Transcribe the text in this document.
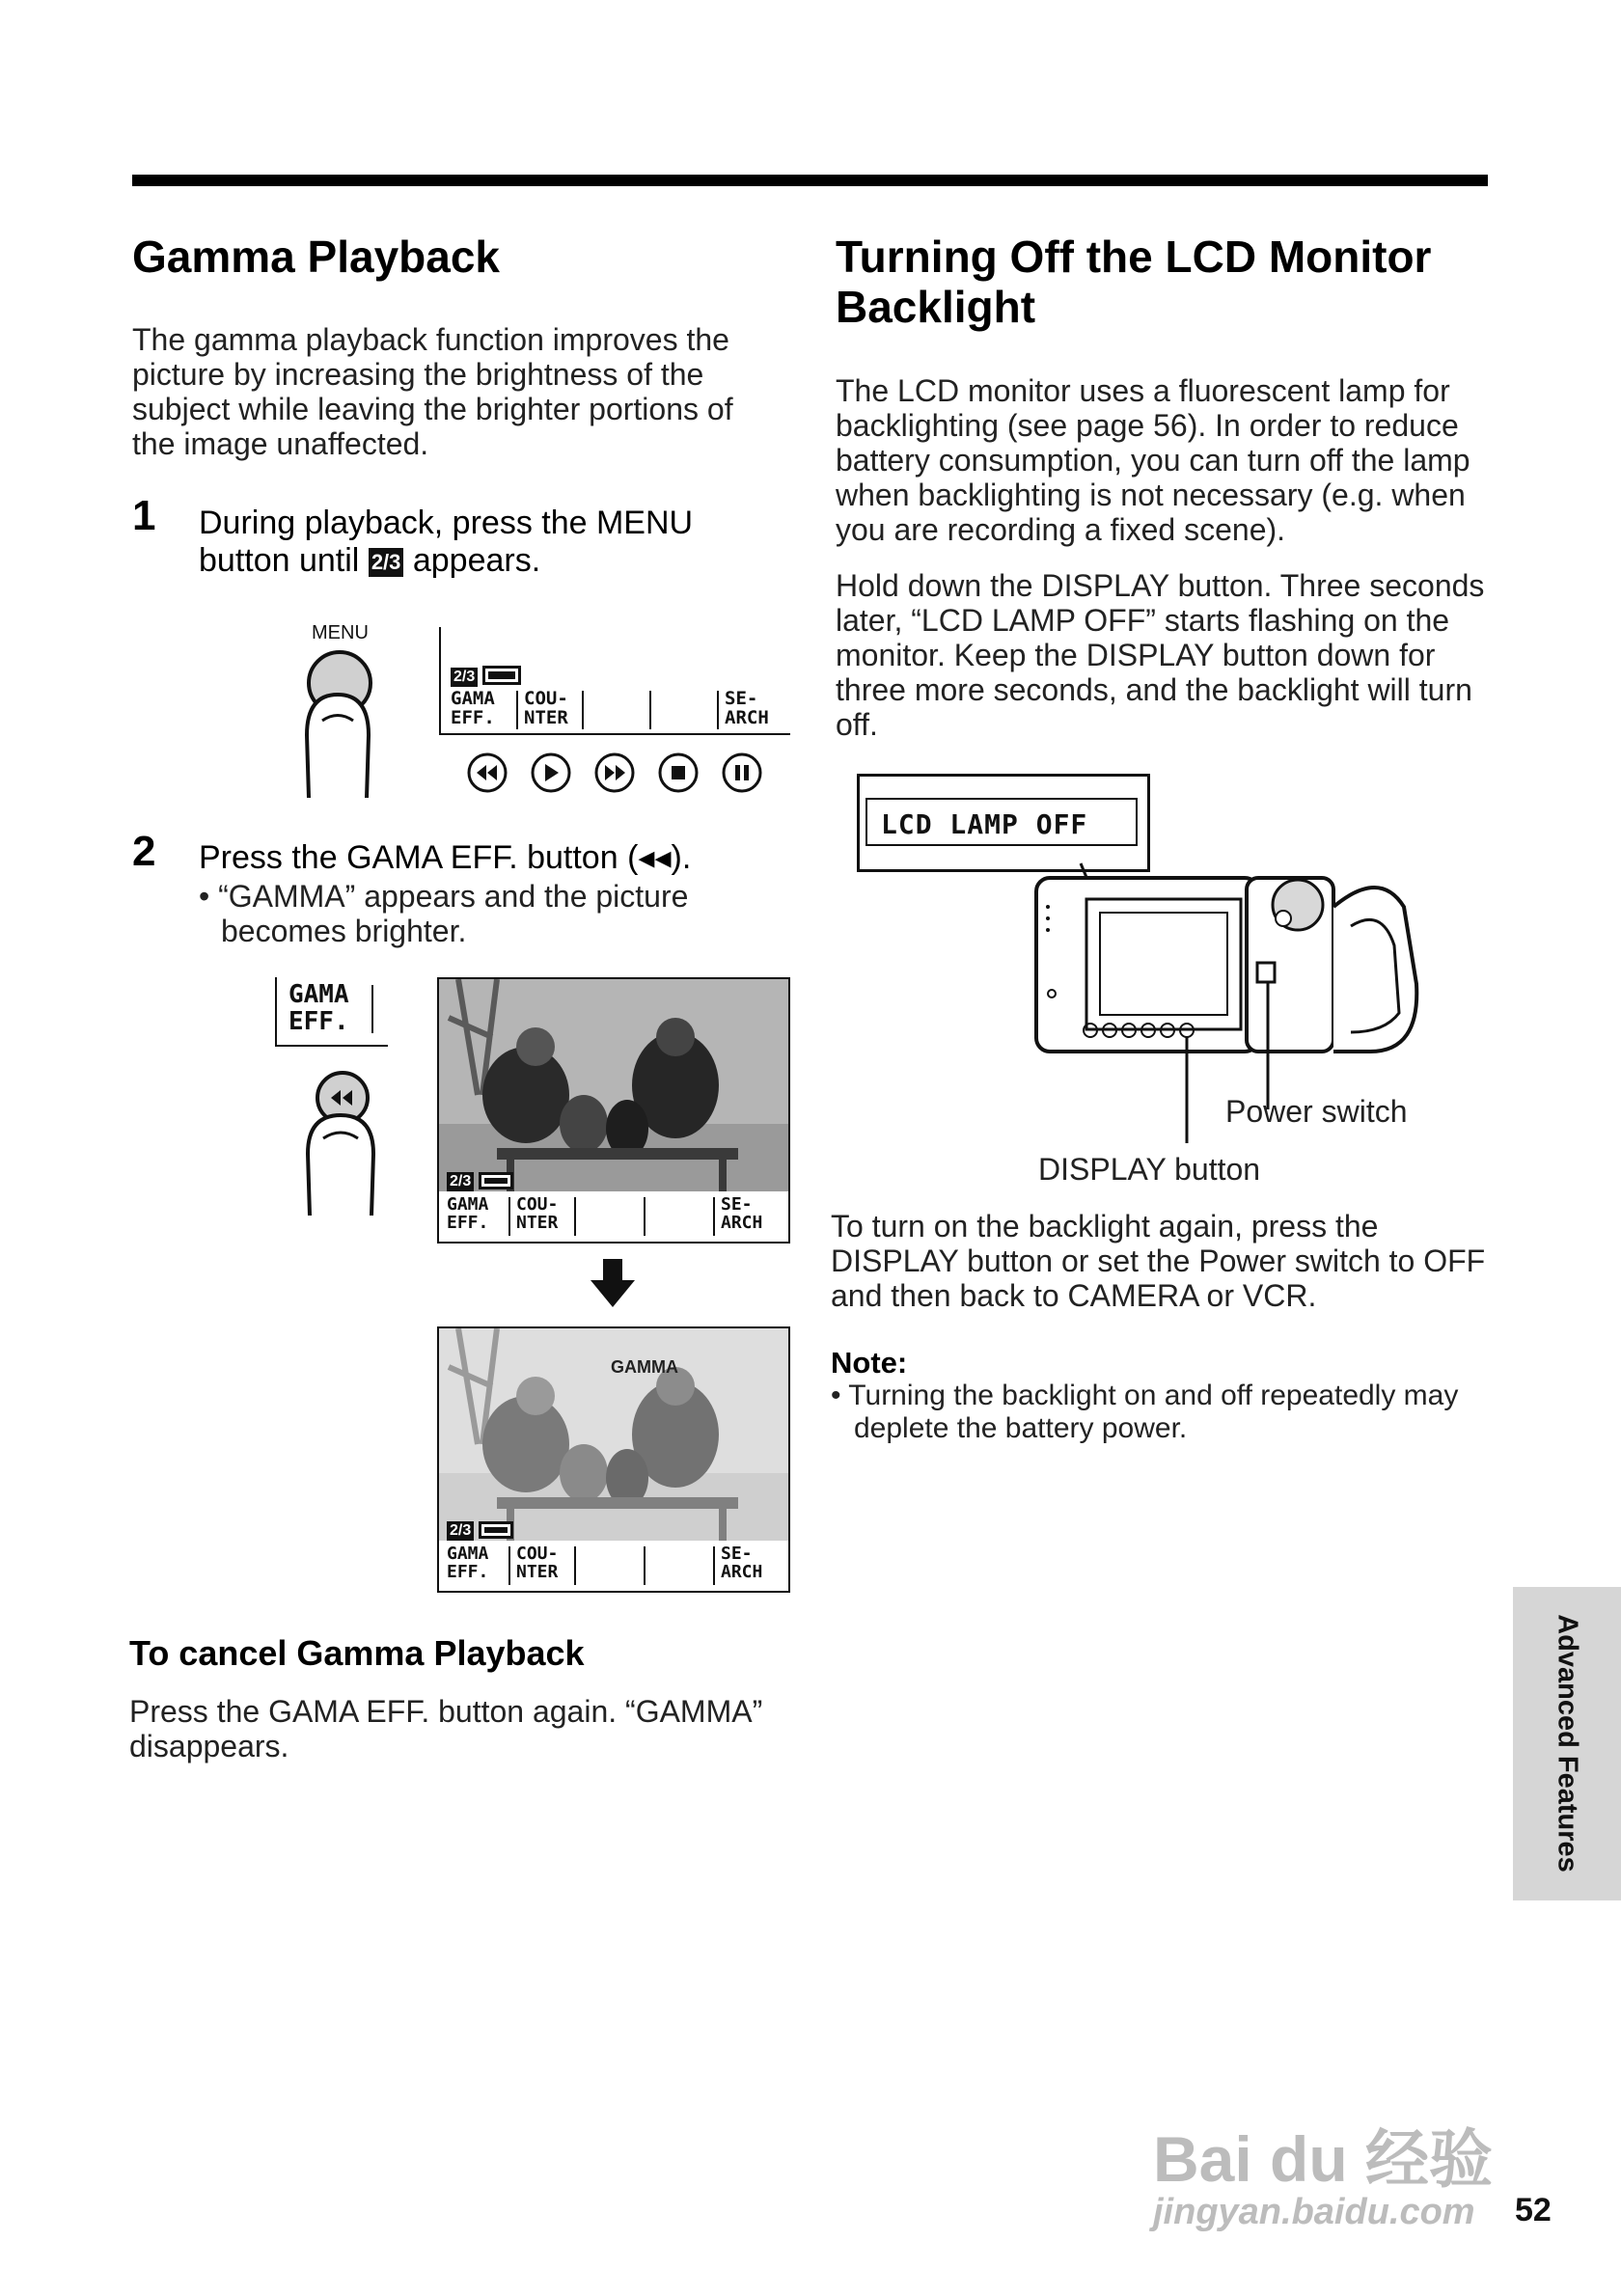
Gamma Playback

The gamma playback function improves the picture by increasing the brightness of the subject while leaving the brighter portions of the image unaffected.

1 During playback, press the MENU
button until 2/3 appears.
MENU
2/3
GAMA
EFF.
COU-
NTER
SE-
ARCH
2 Press the GAMA EFF. button (◂◂).
• “GAMMA” appears and the picture
becomes brighter.
GAMA
EFF.
2/3
GAMA
EFF.
COU-
NTER
SE-
ARCH
GAMMA
2/3
GAMA
EFF.
COU-
NTER
SE-
ARCH
To cancel Gamma Playback

Press the GAMA EFF. button again. “GAMMA” disappears.

Turning Off the LCD Monitor
Backlight

The LCD monitor uses a fluorescent lamp for backlighting (see page 56). In order to reduce battery consumption, you can turn off the lamp when backlighting is not necessary (e.g. when you are recording a fixed scene).

Hold down the DISPLAY button. Three seconds later, “LCD LAMP OFF” starts flashing on the monitor. Keep the DISPLAY button down for three more seconds, and the backlight will turn off.

LCD LAMP OFF
Power switch
DISPLAY button

To turn on the backlight again, press the DISPLAY button or set the Power switch to OFF and then back to CAMERA or VCR.

Note:
• Turning the backlight on and off repeatedly may
deplete the battery power.
Advanced Features
Bai du 经验
jingyan.baidu.com 52
